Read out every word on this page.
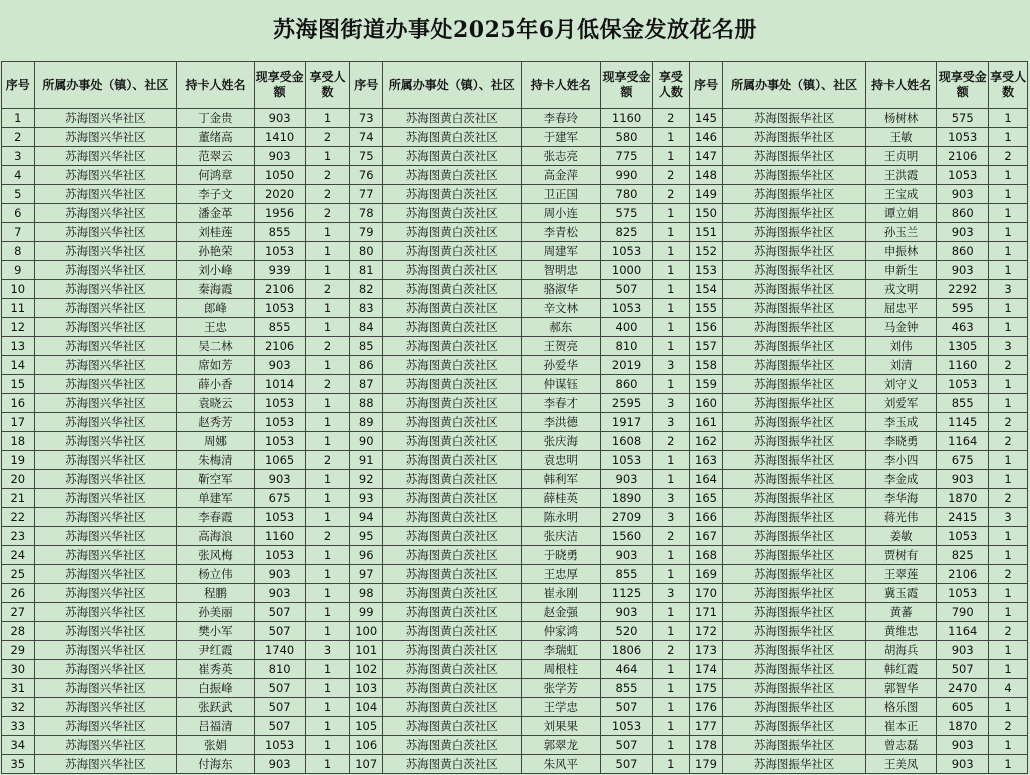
苏海图街道办事处2025年6月低保金发放花名册
序号	所属办事处（镇）、社区	持卡人姓名	现享受金额	享受人数	序号	所属办事处（镇）、社区	持卡人姓名	现享受金额	享受人数	序号	所属办事处（镇）、社区	持卡人姓名	现享受金额	享受人数
1	苏海图兴华社区	丁金贵	903	1	73	苏海图黄白茨社区	李春玲	1160	2	145	苏海图振华社区	杨树林	575	1
2	苏海图兴华社区	董绪高	1410	2	74	苏海图黄白茨社区	于建军	580	1	146	苏海图振华社区	王敏	1053	1
3	苏海图兴华社区	范翠云	903	1	75	苏海图黄白茨社区	张志亮	775	1	147	苏海图振华社区	王贞明	2106	2
4	苏海图兴华社区	何鸿章	1050	2	76	苏海图黄白茨社区	高金萍	990	2	148	苏海图振华社区	王洪霞	1053	1
5	苏海图兴华社区	李子文	2020	2	77	苏海图黄白茨社区	卫正国	780	2	149	苏海图振华社区	王宝成	903	1
6	苏海图兴华社区	潘金革	1956	2	78	苏海图黄白茨社区	周小连	575	1	150	苏海图振华社区	谭立娟	860	1
7	苏海图兴华社区	刘桂莲	855	1	79	苏海图黄白茨社区	李青松	825	1	151	苏海图振华社区	孙玉兰	903	1
8	苏海图兴华社区	孙艳荣	1053	1	80	苏海图黄白茨社区	周建军	1053	1	152	苏海图振华社区	申振林	860	1
9	苏海图兴华社区	刘小峰	939	1	81	苏海图黄白茨社区	智明忠	1000	1	153	苏海图振华社区	申新生	903	1
10	苏海图兴华社区	秦海霞	2106	2	82	苏海图黄白茨社区	骆淑华	507	1	154	苏海图振华社区	戎文明	2292	3
11	苏海图兴华社区	郎峰	1053	1	83	苏海图黄白茨社区	辛文林	1053	1	155	苏海图振华社区	屈忠平	595	1
12	苏海图兴华社区	王忠	855	1	84	苏海图黄白茨社区	郝东	400	1	156	苏海图振华社区	马金钟	463	1
13	苏海图兴华社区	吴二林	2106	2	85	苏海图黄白茨社区	王贺亮	810	1	157	苏海图振华社区	刘伟	1305	3
14	苏海图兴华社区	席如芳	903	1	86	苏海图黄白茨社区	孙爱华	2019	3	158	苏海图振华社区	刘清	1160	2
15	苏海图兴华社区	薛小香	1014	2	87	苏海图黄白茨社区	仲谋钰	860	1	159	苏海图振华社区	刘守义	1053	1
16	苏海图兴华社区	袁晓云	1053	1	88	苏海图黄白茨社区	李春才	2595	3	160	苏海图振华社区	刘爱军	855	1
17	苏海图兴华社区	赵秀芳	1053	1	89	苏海图黄白茨社区	李洪德	1917	3	161	苏海图振华社区	李玉成	1145	2
18	苏海图兴华社区	周娜	1053	1	90	苏海图黄白茨社区	张庆海	1608	2	162	苏海图振华社区	李晓勇	1164	2
19	苏海图兴华社区	朱梅清	1065	2	91	苏海图黄白茨社区	袁忠明	1053	1	163	苏海图振华社区	李小四	675	1
20	苏海图兴华社区	靳空军	903	1	92	苏海图黄白茨社区	韩利军	903	1	164	苏海图振华社区	李金成	903	1
21	苏海图兴华社区	单建军	675	1	93	苏海图黄白茨社区	薛桂英	1890	3	165	苏海图振华社区	李华海	1870	2
22	苏海图兴华社区	李春霞	1053	1	94	苏海图黄白茨社区	陈永明	2709	3	166	苏海图振华社区	蒋光伟	2415	3
23	苏海图兴华社区	高海浪	1160	2	95	苏海图黄白茨社区	张庆洁	1560	2	167	苏海图振华社区	姜敏	1053	1
24	苏海图兴华社区	张风梅	1053	1	96	苏海图黄白茨社区	于晓勇	903	1	168	苏海图振华社区	贾树有	825	1
25	苏海图兴华社区	杨立伟	903	1	97	苏海图黄白茨社区	王忠厚	855	1	169	苏海图振华社区	王翠莲	2106	2
26	苏海图兴华社区	程鹏	903	1	98	苏海图黄白茨社区	崔永刚	1125	3	170	苏海图振华社区	冀玉霞	1053	1
27	苏海图兴华社区	孙美丽	507	1	99	苏海图黄白茨社区	赵金强	903	1	171	苏海图振华社区	黄蕃	790	1
28	苏海图兴华社区	樊小军	507	1	100	苏海图黄白茨社区	仲家鸿	520	1	172	苏海图振华社区	黄维忠	1164	2
29	苏海图兴华社区	尹红霞	1740	3	101	苏海图黄白茨社区	李瑞虹	1806	2	173	苏海图振华社区	胡海兵	903	1
30	苏海图兴华社区	崔秀英	810	1	102	苏海图黄白茨社区	周根柱	464	1	174	苏海图振华社区	韩红霞	507	1
31	苏海图兴华社区	白振峰	507	1	103	苏海图黄白茨社区	张学芳	855	1	175	苏海图振华社区	郭智华	2470	4
32	苏海图兴华社区	张跃武	507	1	104	苏海图黄白茨社区	王学忠	507	1	176	苏海图振华社区	格乐图	605	1
33	苏海图兴华社区	吕福清	507	1	105	苏海图黄白茨社区	刘果果	1053	1	177	苏海图振华社区	崔本正	1870	2
34	苏海图兴华社区	张娟	1053	1	106	苏海图黄白茨社区	郭翠龙	507	1	178	苏海图振华社区	曾志磊	903	1
35	苏海图兴华社区	付海东	903	1	107	苏海图黄白茨社区	朱风平	507	1	179	苏海图振华社区	王美凤	903	1
